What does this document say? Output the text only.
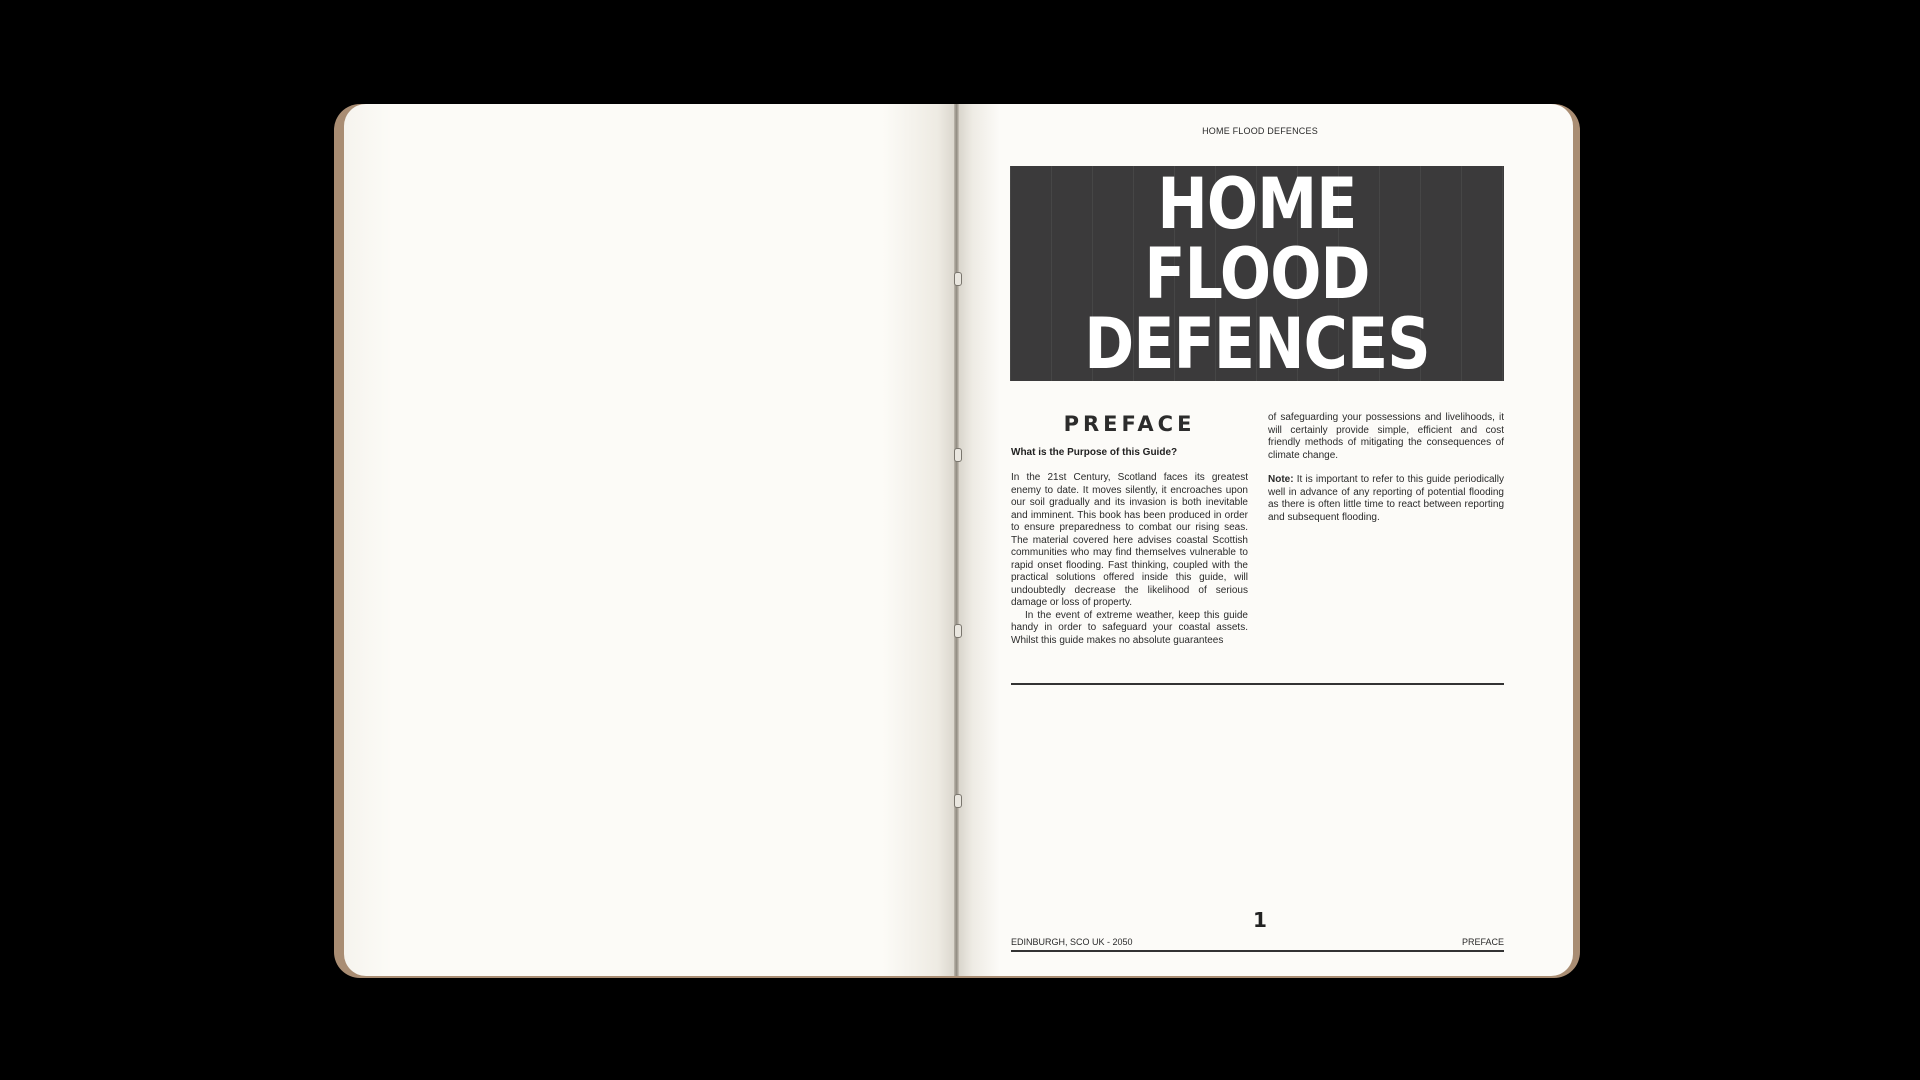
HOME FLOOD DEFENCES
HOME FLOOD
DEFENCES
PREFACE
What is the Purpose of this Guide?

In the 21st Century, Scotland faces its greatest enemy to date. It moves silently, it encroaches upon our soil gradually and its invasion is both inevitable and imminent. This book has been produced in order to ensure preparedness to combat our rising seas. The material covered here advises coastal Scottish communities who may find themselves vulnerable to rapid onset flooding. Fast thinking, coupled with the practical solutions offered inside this guide, will undoubtedly decrease the likelihood of serious damage or loss of property.

In the event of extreme weather, keep this guide handy in order to safeguard your coastal assets. Whilst this guide makes no absolute guarantees

of safeguarding your possessions and livelihoods, it will certainly provide simple, efficient and cost friendly methods of mitigating the consequences of climate change.

Note: It is important to refer to this guide periodically well in advance of any reporting of potential flooding as there is often little time to react between reporting and subsequent flooding.

1
EDINBURGH, SCO UK - 2050	PREFACE
